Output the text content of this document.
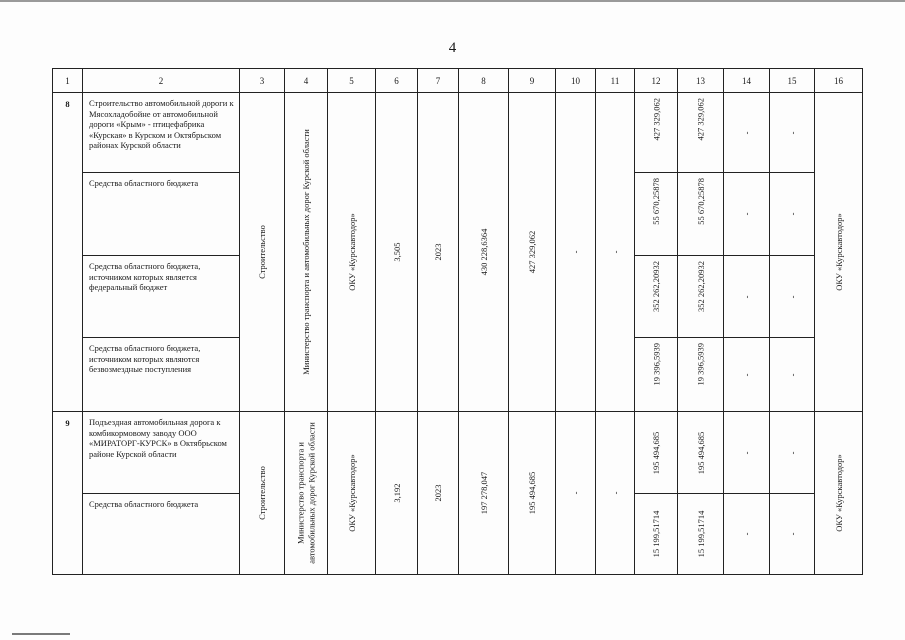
4
1	2	3	4	5	6	7	8	9	10	11	12	13	14	15	16
8	Строительство автомобильной дороги к Мясохладобойне от автомобильной дороги «Крым» - птицефабрика «Курская» в Курском и Октябрьском районах Курской области	Строительство	Министерство транспорта и автомобильных дорог Курской области	ОКУ «Курскавтодор»	3,505	2023	430 228,6364	427 329,062	-	-	427 329,062	427 329,062	-	-	ОКУ «Курскавтодор»

	Средства областного бюджета										55 670,25878	55 670,25878	-	-	
	Средства областного бюджета, источником которых является федеральный бюджет										352 262,20932	352 262,20932	-	-	
	Средства областного бюджета, источником которых являются безвозмездные поступления										19 396,5939	19 396,5939	-	-	
9	Подъездная автомобильная дорога к комбикормовому заводу ООО «МИРАТОРГ-КУРСК» в Октябрьском районе Курской области	Строительство	Министерство транспорта и автомобильных дорог Курской области	ОКУ «Курскавтодор»	3,192	2023	197 278,047	195 494,685	-	-	195 494,685	195 494,685	-	-	ОКУ «Курскавтодор»

	Средства областного бюджета										15 199,51714	15 199,51714	-	-	
